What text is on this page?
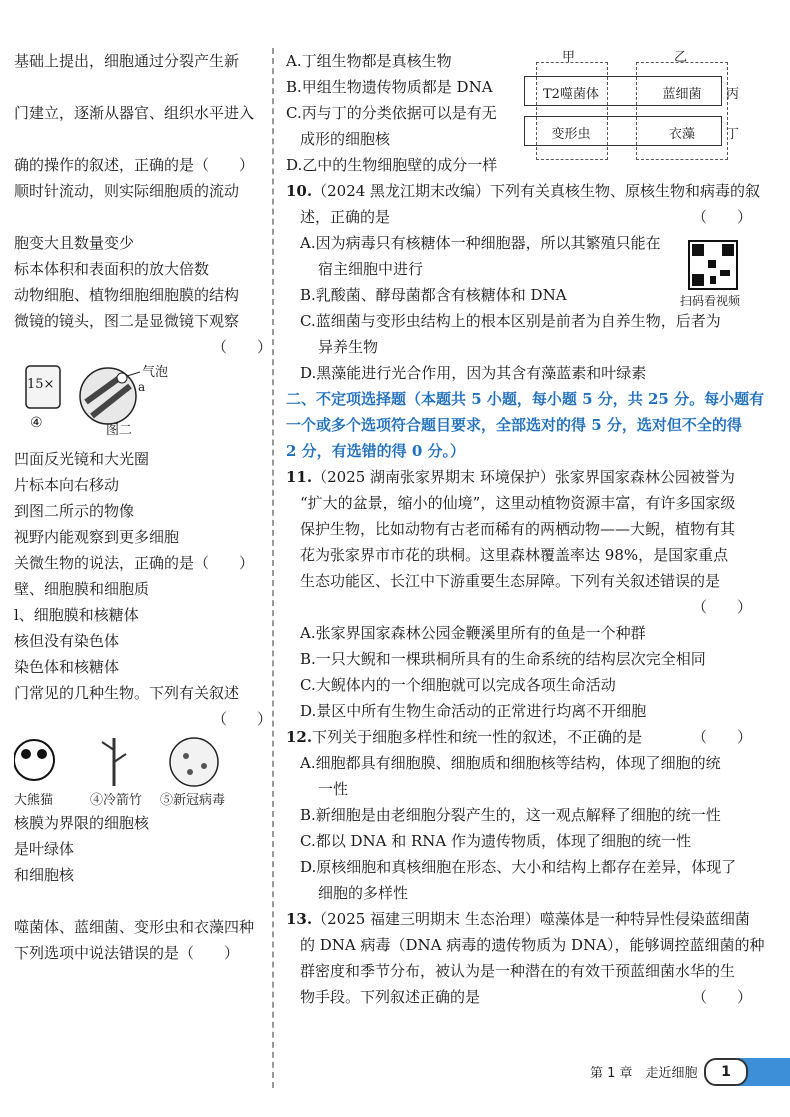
基础上提出，细胞通过分裂产生新

门建立，逐渐从器官、组织水平进入

确的操作的叙述，正确的是（　　）
顺时针流动，则实际细胞质的流动

胞变大且数量变少
标本体积和表面积的放大倍数
动物细胞、植物细胞细胞膜的结构
微镜的镜头，图二是显微镜下观察
（　　）
15×
④
气泡
a
图二
凹面反光镜和大光圈
片标本向右移动
到图二所示的物像
视野内能观察到更多细胞
关微生物的说法，正确的是（　　）
壁、细胞膜和细胞质
l、细胞膜和核糖体
核但没有染色体
染色体和核糖体
门常见的几种生物。下列有关叙述
（　　）
大熊猫	④冷箭竹 ⑤新冠病毒
核膜为界限的细胞核
是叶绿体
和细胞核

噬菌体、蓝细菌、变形虫和衣藻四种
下列选项中说法错误的是（　　）
甲	乙
T2噬菌体	蓝细菌
变形虫	衣藻
丙
丁
扫码看视频
A.丁组生物都是真核生物
B.甲组生物遗传物质都是 DNA
C.丙与丁的分类依据可以是有无
成形的细胞核
D.乙中的生物细胞壁的成分一样
10.（2024 黑龙江期末改编）下列有关真核生物、原核生物和病毒的叙
述，正确的是	（　　）
A.因为病毒只有核糖体一种细胞器，所以其繁殖只能在
宿主细胞中进行
B.乳酸菌、酵母菌都含有核糖体和 DNA
C.蓝细菌与变形虫结构上的根本区别是前者为自养生物，后者为
异养生物
D.黑藻能进行光合作用，因为其含有藻蓝素和叶绿素
二、不定项选择题（本题共 5 小题，每小题 5 分，共 25 分。每小题有
一个或多个选项符合题目要求，全部选对的得 5 分，选对但不全的得
2 分，有选错的得 0 分。）
11.（2025 湖南张家界期末 环境保护）张家界国家森林公园被誉为
“扩大的盆景，缩小的仙境”，这里动植物资源丰富，有许多国家级
保护生物，比如动物有古老而稀有的两栖动物——大鲵，植物有其
花为张家界市市花的珙桐。这里森林覆盖率达 98%，是国家重点
生态功能区、长江中下游重要生态屏障。下列有关叙述错误的是
（　　）
A.张家界国家森林公园金鞭溪里所有的鱼是一个种群
B.一只大鲵和一棵珙桐所具有的生命系统的结构层次完全相同
C.大鲵体内的一个细胞就可以完成各项生命活动
D.景区中所有生物生命活动的正常进行均离不开细胞
12.下列关于细胞多样性和统一性的叙述，不正确的是	（　　）
A.细胞都具有细胞膜、细胞质和细胞核等结构，体现了细胞的统
一性
B.新细胞是由老细胞分裂产生的，这一观点解释了细胞的统一性
C.都以 DNA 和 RNA 作为遗传物质，体现了细胞的统一性
D.原核细胞和真核细胞在形态、大小和结构上都存在差异，体现了
细胞的多样性
13.（2025 福建三明期末 生态治理）噬藻体是一种特异性侵染蓝细菌
的 DNA 病毒（DNA 病毒的遗传物质为 DNA），能够调控蓝细菌的种
群密度和季节分布，被认为是一种潜在的有效干预蓝细菌水华的生
物手段。下列叙述正确的是	（　　）
第 1 章　走近细胞	1
